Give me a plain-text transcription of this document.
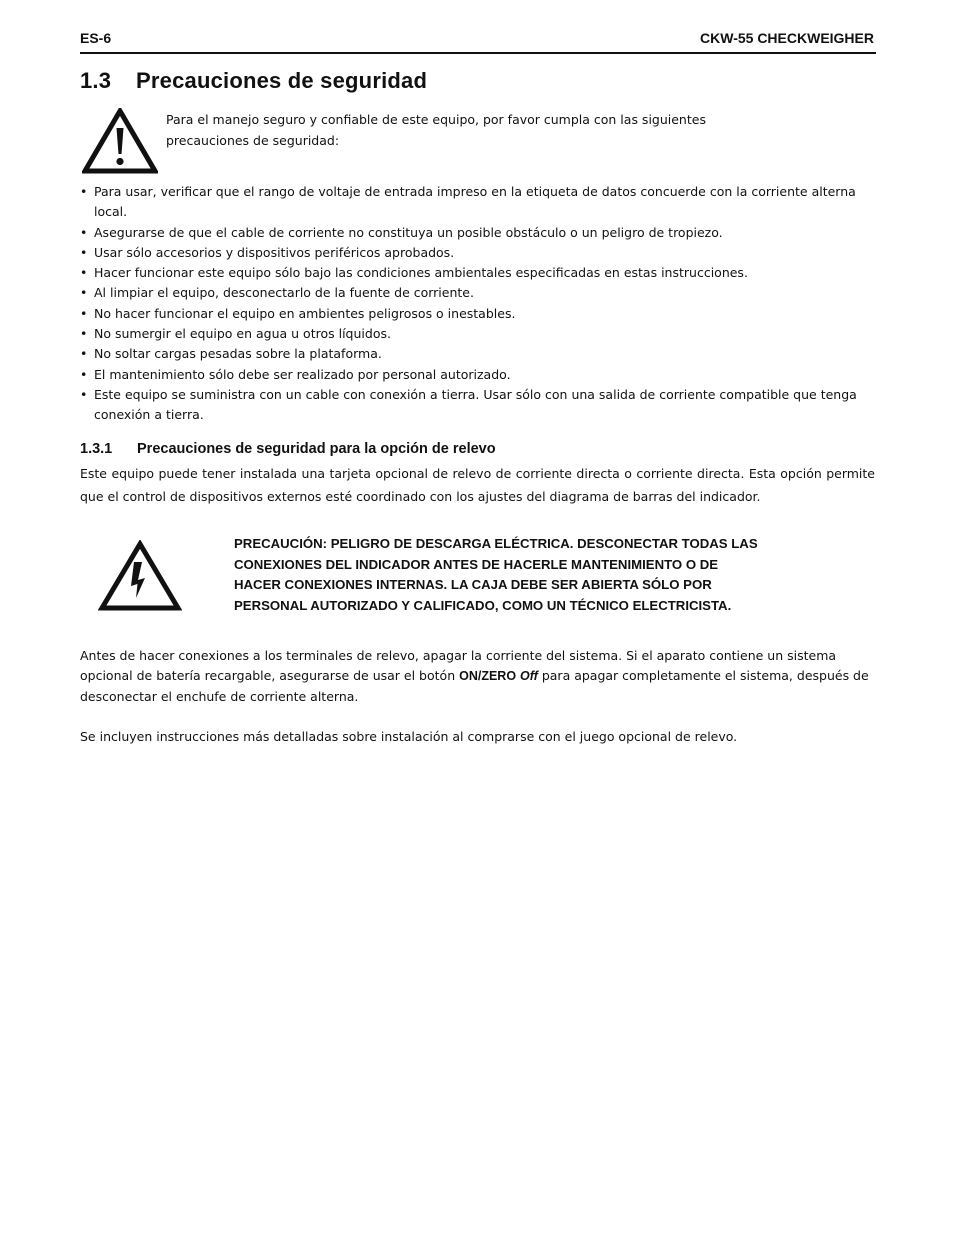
ES-6	CKW-55 CHECKWEIGHER
1.3 Precauciones de seguridad
Para el manejo seguro y confiable de este equipo, por favor cumpla con las siguientes precauciones de seguridad:
• Para usar, verificar que el rango de voltaje de entrada impreso en la etiqueta de datos concuerde con la corriente alterna local.
• Asegurarse de que el cable de corriente no constituya un posible obstáculo o un peligro de tropiezo.
• Usar sólo accesorios y dispositivos periféricos aprobados.
• Hacer funcionar este equipo sólo bajo las condiciones ambientales especificadas en estas instrucciones.
• Al limpiar el equipo, desconectarlo de la fuente de corriente.
• No hacer funcionar el equipo en ambientes peligrosos o inestables.
• No sumergir el equipo en agua u otros líquidos.
• No soltar cargas pesadas sobre la plataforma.
• El mantenimiento sólo debe ser realizado por personal autorizado.
• Este equipo se suministra con un cable con conexión a tierra. Usar sólo con una salida de corriente compatible que tenga conexión a tierra.
1.3.1 Precauciones de seguridad para la opción de relevo
Este equipo puede tener instalada una tarjeta opcional de relevo de corriente directa o corriente directa. Esta opción permite que el control de dispositivos externos esté coordinado con los ajustes del diagrama de barras del indicador.
PRECAUCIÓN: PELIGRO DE DESCARGA ELÉCTRICA. DESCONECTAR TODAS LAS
CONEXIONES DEL INDICADOR ANTES DE HACERLE MANTENIMIENTO O DE
HACER CONEXIONES INTERNAS. LA CAJA DEBE SER ABIERTA SÓLO POR
PERSONAL AUTORIZADO Y CALIFICADO, COMO UN TÉCNICO ELECTRICISTA.
Antes de hacer conexiones a los terminales de relevo, apagar la corriente del sistema. Si el aparato contiene un sistema opcional de batería recargable, asegurarse de usar el botón ON/ZERO Off para apagar completamente el sistema, después de desconectar el enchufe de corriente alterna.
Se incluyen instrucciones más detalladas sobre instalación al comprarse con el juego opcional de relevo.
